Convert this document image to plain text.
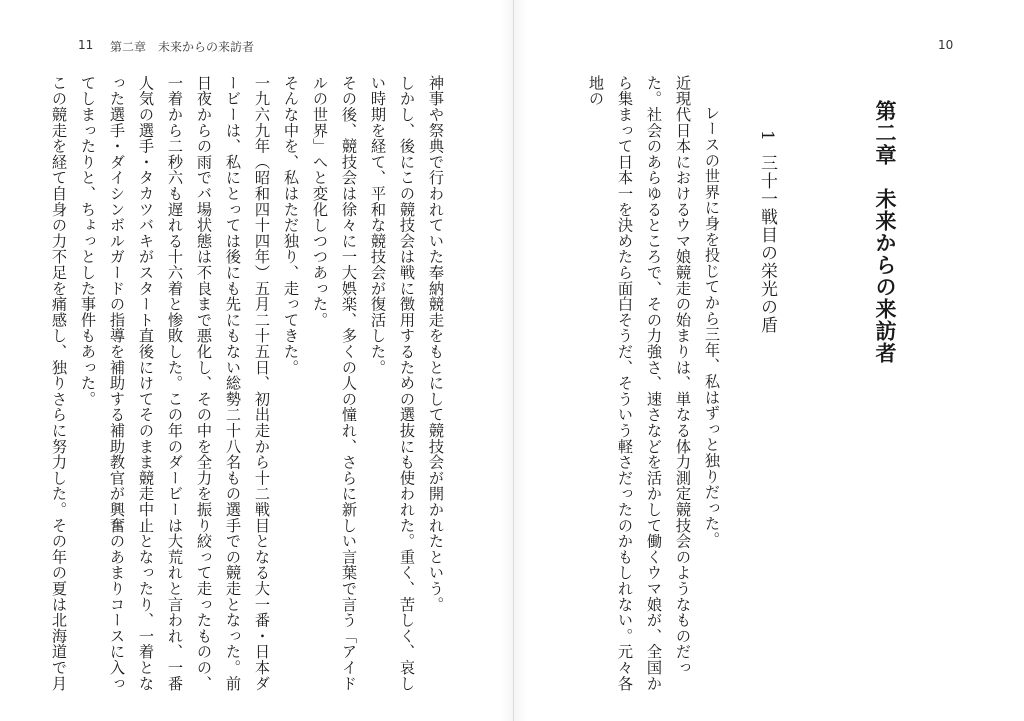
11 第二章　未来からの来訪者

神事や祭典で行われていた奉納競走をもとにして競技会が開かれたという。

しかし、後にこの競技会は戦に徴用するための選抜にも使われた。重く、苦しく、哀しい時期を経て、平和な競技会が復活した。

その後、競技会は徐々に一大娯楽、多くの人の憧れ、さらに新しい言葉で言う「アイドルの世界」へと変化しつつあった。

そんな中を、私はただ独り、走ってきた。

一九六九年（昭和四十四年）五月二十五日、初出走から十二戦目となる大一番・日本ダービーは、私にとっては後にも先にもない総勢二十八名もの選手での競走となった。前日夜からの雨でバ場状態は不良まで悪化し、その中を全力を振り絞って走ったものの、一着から二秒六も遅れる十六着と惨敗した。この年のダービーは大荒れと言われ、一番人気の選手・タカツバキがスタート直後にけてそのまま競走中止となったり、一着となった選手・ダイシンボルガードの指導を補助する補助教官が興奮のあまりコースに入ってしまったりと、ちょっとした事件もあった。

この競走を経て自身の力不足を痛感し、独りさらに努力した。その年の夏は北海道で月

10
第二章　未来からの来訪者
1三十一戦目の栄光の盾

レースの世界に身を投じてから三年、私はずっと独りだった。

近現代日本におけるウマ娘競走の始まりは、単なる体力測定競技会のようなものだった。社会のあらゆるところで、その力強さ、速さなどを活かして働くウマ娘が、全国から集まって日本一を決めたら面白そうだ、そういう軽さだったのかもしれない。元々各地の
